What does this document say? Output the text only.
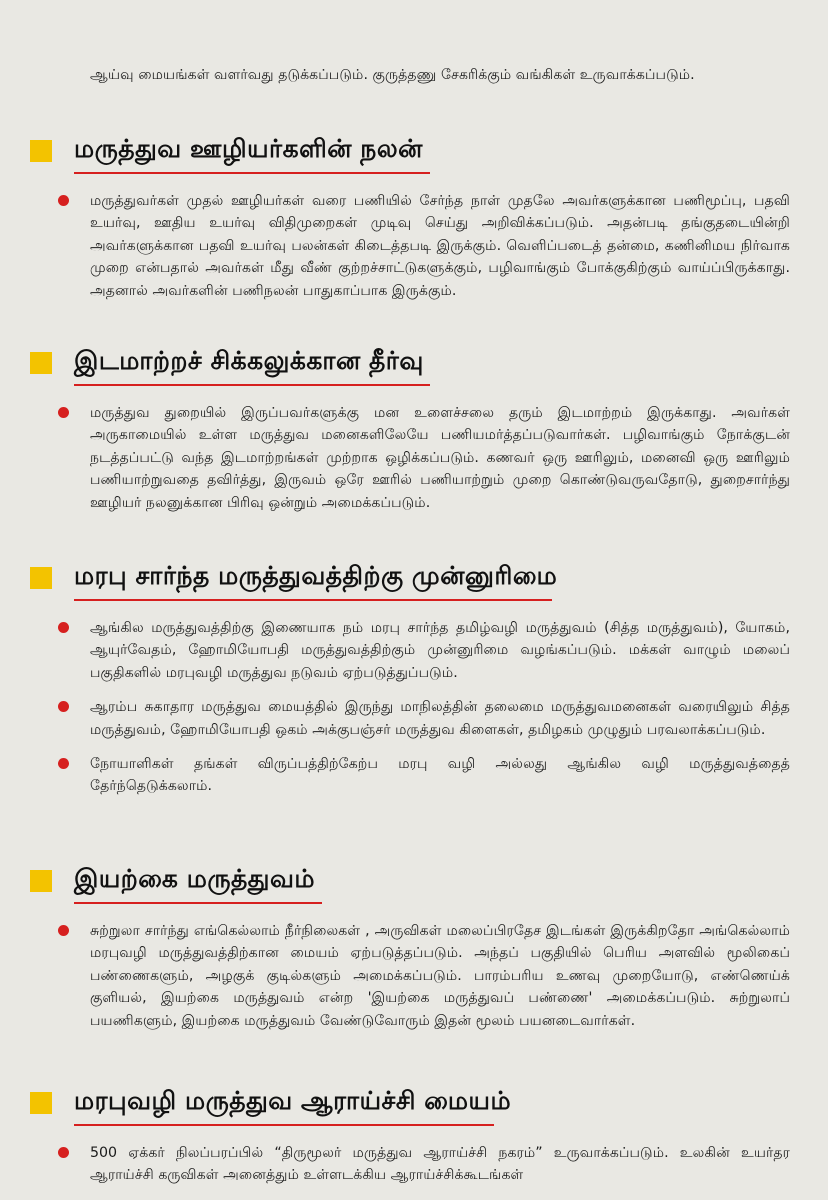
ஆய்வு மையங்கள் வளர்வது தடுக்கப்படும். குருத்தணு சேகரிக்கும் வங்கிகள் உருவாக்கப்படும்.

மருத்துவ ஊழியர்களின் நலன்

மருத்துவர்கள் முதல் ஊழியர்கள் வரை பணியில் சேர்ந்த நாள் முதலே அவர்களுக்கான பணிமூப்பு, பதவி உயர்வு, ஊதிய உயர்வு விதிமுறைகள் முடிவு செய்து அறிவிக்கப்படும். அதன்படி தங்குதடையின்றி அவர்களுக்கான பதவி உயர்வு பலன்கள் கிடைத்தபடி இருக்கும். வெளிப்படைத் தன்மை, கணினிமய நிர்வாக முறை என்பதால் அவர்கள் மீது வீண் குற்றச்சாட்டுகளுக்கும், பழிவாங்கும் போக்குகிற்கும் வாய்ப்பிருக்காது. அதனால் அவர்களின் பணிநலன் பாதுகாப்பாக இருக்கும்.

இடமாற்றச் சிக்கலுக்கான தீர்வு

மருத்துவ துறையில் இருப்பவர்களுக்கு மன உளைச்சலை தரும் இடமாற்றம் இருக்காது. அவர்கள் அருகாமையில் உள்ள மருத்துவ மனைகளிலேயே பணியமர்த்தப்படுவார்கள். பழிவாங்கும் நோக்குடன் நடத்தப்பட்டு வந்த இடமாற்றங்கள் முற்றாக ஒழிக்கப்படும். கணவர் ஒரு ஊரிலும், மனைவி ஒரு ஊரிலும் பணியாற்றுவதை தவிர்த்து, இருவம் ஒரே ஊரில் பணியாற்றும் முறை கொண்டுவருவதோடு, துறைசார்ந்து ஊழியர் நலனுக்கான பிரிவு ஒன்றும் அமைக்கப்படும்.

மரபு சார்ந்த மருத்துவத்திற்கு முன்னுரிமை

ஆங்கில மருத்துவத்திற்கு இணையாக நம் மரபு சார்ந்த தமிழ்வழி மருத்துவம் (சித்த மருத்துவம்), யோகம், ஆயுர்வேதம், ஹோமியோபதி மருத்துவத்திற்கும் முன்னுரிமை வழங்கப்படும். மக்கள் வாழும் மலைப் பகுதிகளில் மரபுவழி மருத்துவ நடுவம் ஏற்படுத்துப்படும்.

ஆரம்ப சுகாதார மருத்துவ மையத்தில் இருந்து மாநிலத்தின் தலைமை மருத்துவமனைகள் வரையிலும் சித்த மருத்துவம், ஹோமியோபதி ஒகம் அக்குபஞ்சர் மருத்துவ கிளைகள், தமிழகம் முழுதும் பரவலாக்கப்படும்.

நோயாளிகள் தங்கள் விருப்பத்திற்கேற்ப மரபு வழி அல்லது ஆங்கில வழி மருத்துவத்தைத் தேர்ந்தெடுக்கலாம்.

இயற்கை மருத்துவம்

சுற்றுலா சார்ந்து எங்கெல்லாம் நீர்நிலைகள் , அருவிகள் மலைப்பிரதேச இடங்கள் இருக்கிறதோ அங்கெல்லாம் மரபுவழி மருத்துவத்திற்கான மையம் ஏற்படுத்தப்படும். அந்தப் பகுதியில் பெரிய அளவில் மூலிகைப் பண்ணைகளும், அழகுக் குடில்களும் அமைக்கப்படும். பாரம்பரிய உணவு முறையோடு, எண்ணெய்க் குளியல், இயற்கை மருத்துவம் என்ற 'இயற்கை மருத்துவப் பண்ணை' அமைக்கப்படும். சுற்றுலாப் பயணிகளும், இயற்கை மருத்துவம் வேண்டுவோரும் இதன் மூலம் பயனடைவார்கள்.

மரபுவழி மருத்துவ ஆராய்ச்சி மையம்

500 ஏக்கர் நிலப்பரப்பில் “திருமூலர் மருத்துவ ஆராய்ச்சி நகரம்” உருவாக்கப்படும். உலகின் உயர்தர ஆராய்ச்சி கருவிகள் அனைத்தும் உள்ளடக்கிய ஆராய்ச்சிக்கூடங்கள்
